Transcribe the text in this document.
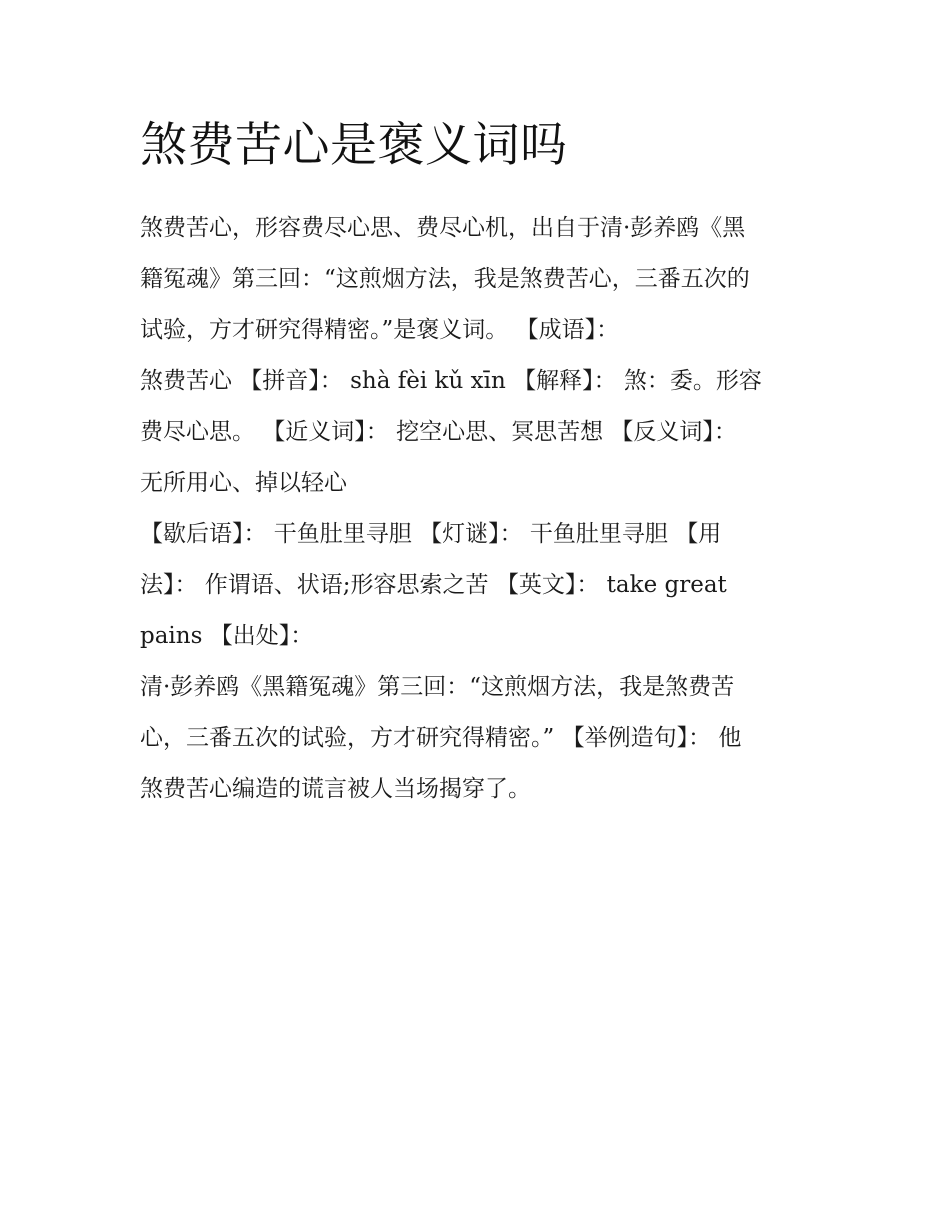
煞费苦心是褒义词吗

煞费苦心，形容费尽心思、费尽心机，出自于清·彭养鸥《黑
籍冤魂》第三回：“这煎烟方法，我是煞费苦心，三番五次的
试验，方才研究得精密。”是褒义词。 【成语】：

煞费苦心 【拼音】： shà fèi kǔ xīn 【解释】： 煞：委。形容
费尽心思。 【近义词】： 挖空心思、冥思苦想 【反义词】：
无所用心、掉以轻心

【歇后语】： 干鱼肚里寻胆 【灯谜】： 干鱼肚里寻胆 【用
法】： 作谓语、状语;形容思索之苦 【英文】： take great
pains 【出处】：

清·彭养鸥《黑籍冤魂》第三回：“这煎烟方法，我是煞费苦
心，三番五次的试验，方才研究得精密。” 【举例造句】： 他
煞费苦心编造的谎言被人当场揭穿了。
